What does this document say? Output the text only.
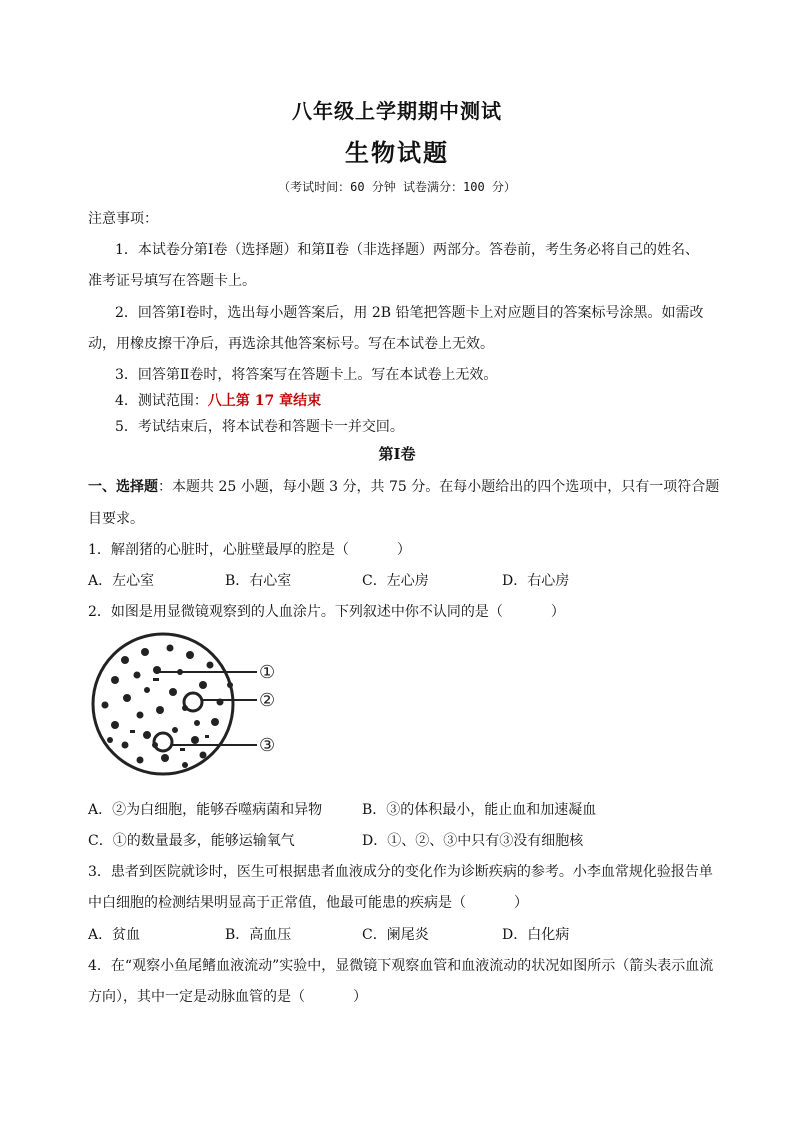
八年级上学期期中测试
生物试题
（考试时间：60 分钟 试卷满分：100 分）
注意事项：
1．本试卷分第Ⅰ卷（选择题）和第Ⅱ卷（非选择题）两部分。答卷前，考生务必将自己的姓名、
准考证号填写在答题卡上。
2．回答第Ⅰ卷时，选出每小题答案后，用 2B 铅笔把答题卡上对应题目的答案标号涂黑。如需改
动，用橡皮擦干净后，再选涂其他答案标号。写在本试卷上无效。
3．回答第Ⅱ卷时，将答案写在答题卡上。写在本试卷上无效。
4．测试范围：八上第 17 章结束
5．考试结束后，将本试卷和答题卡一并交回。
第Ⅰ卷
一、选择题：本题共 25 小题，每小题 3 分，共 75 分。在每小题给出的四个选项中，只有一项符合题
目要求。
1．解剖猪的心脏时，心脏壁最厚的腔是（	）
A．左心室	B．右心室	C．左心房	D．右心房
2．如图是用显微镜观察到的人血涂片。下列叙述中你不认同的是（	）
①
②
③
A．②为白细胞，能够吞噬病菌和异物	B．③的体积最小，能止血和加速凝血
C．①的数量最多，能够运输氧气	D．①、②、③中只有③没有细胞核
3．患者到医院就诊时，医生可根据患者血液成分的变化作为诊断疾病的参考。小李血常规化验报告单
中白细胞的检测结果明显高于正常值，他最可能患的疾病是（	）
A．贫血	B．高血压	C．阑尾炎	D．白化病
4．在“观察小鱼尾鳍血液流动”实验中，显微镜下观察血管和血液流动的状况如图所示（箭头表示血流
方向），其中一定是动脉血管的是（	）
